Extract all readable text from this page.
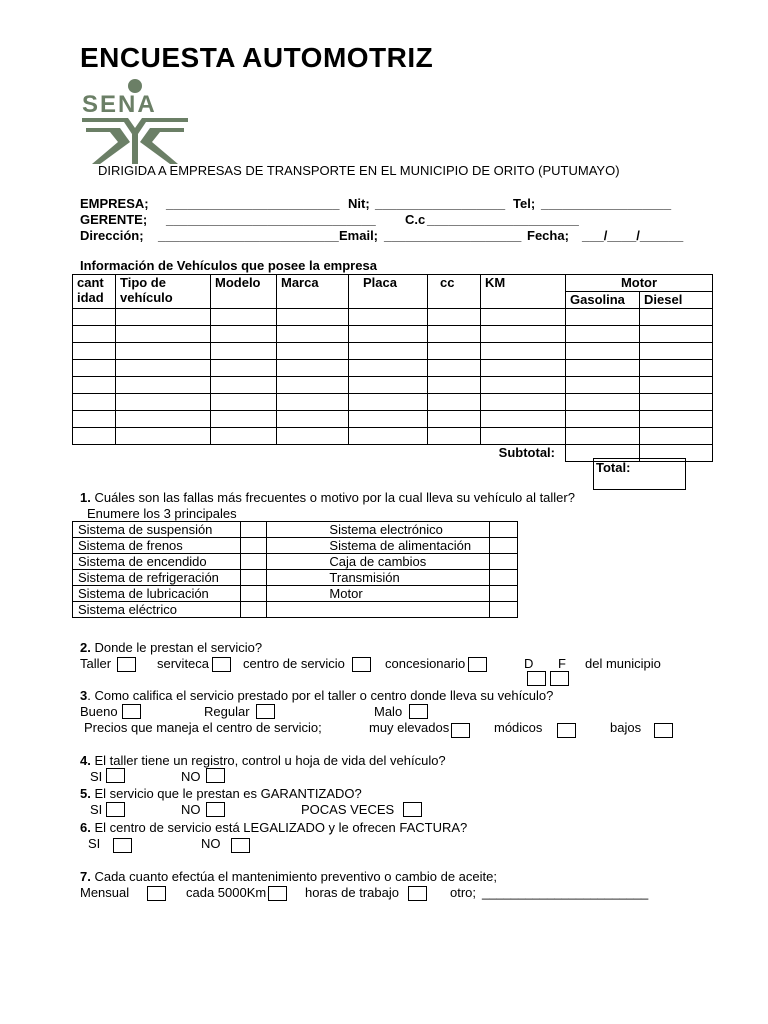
ENCUESTA AUTOMOTRIZ
SENA
DIRIGIDA A EMPRESAS DE TRANSPORTE EN EL MUNICIPIO DE ORITO (PUTUMAYO)
EMPRESA; ________________________ Nit; __________________ Tel; __________________
GERENTE; _____________________________ C.c _____________________
Dirección; _________________________ Email; ___________________ Fecha; ___/____/______
Información de Vehículos que posee la empresa
cant idad	Tipo de vehículo	Modelo	Marca	Placa	cc	KM	Motor	
							Gasolina	Diesel

Subtotal:								
Total:
1. Cuáles son las fallas más frecuentes o motivo por la cual lleva su vehículo al taller?
Enumere los 3 principales
Sistema de suspensión		Sistema electrónico	
Sistema de frenos		Sistema de alimentación	
Sistema de encendido		Caja de cambios	
Sistema de refrigeración		Transmisión	
Sistema de lubricación		Motor	
Sistema eléctrico			
2. Donde le prestan el servicio?
Taller	serviteca	centro de servicio	concesionario	D F del municipio
3. Como califica el servicio prestado por el taller o centro donde lleva su vehículo?
Bueno	Regular	Malo
Precios que maneja el centro de servicio;	muy elevados	módicos	bajos
4. El taller tiene un registro, control u hoja de vida del vehículo?
SI	NO
5. El servicio que le prestan es GARANTIZADO?
SI	NO	POCAS VECES
6. El centro de servicio está LEGALIZADO y le ofrecen FACTURA?
SI	NO
7. Cada cuanto efectúa el mantenimiento preventivo o cambio de aceite;
Mensual	cada 5000Km	horas de trabajo	otro; _______________________
